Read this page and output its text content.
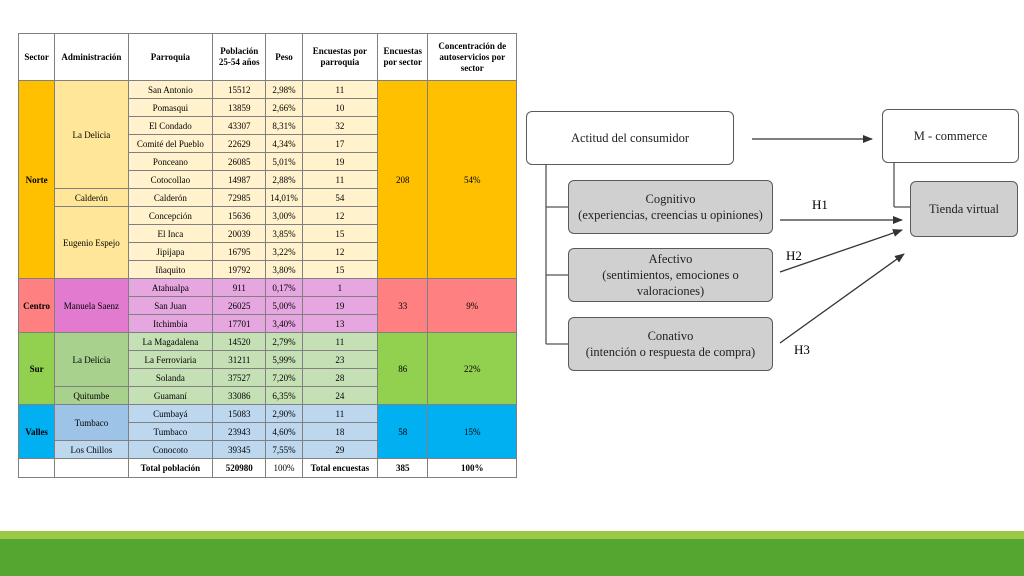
Sector	Administración	Parroquia	Población 25-54 años	Peso	Encuestas por parroquia	Encuestas por sector	Concentración de autoservicios por sector
Norte	La Delicia	San Antonio	15512	2,98%	11	208	54%
		Pomasqui	13859	2,66%	10		
		El Condado	43307	8,31%	32		
		Comité del Pueblo	22629	4,34%	17		
		Ponceano	26085	5,01%	19		
		Cotocollao	14987	2,88%	11		
	Calderón	Calderón	72985	14,01%	54		
	Eugenio Espejo	Concepción	15636	3,00%	12		
		El Inca	20039	3,85%	15		
		Jipijapa	16795	3,22%	12		
		Iñaquito	19792	3,80%	15		
Centro	Manuela Saenz	Atahualpa	911	0,17%	1	33	9%
		San Juan	26025	5,00%	19		
		Itchimbia	17701	3,40%	13		
Sur	La Delicia	La Magadalena	14520	2,79%	11	86	22%
		La Ferroviaria	31211	5,99%	23		
		Solanda	37527	7,20%	28		
	Quitumbe	Guamaní	33086	6,35%	24		
Valles	Tumbaco	Cumbayá	15083	2,90%	11	58	15%
		Tumbaco	23943	4,60%	18		
	Los Chillos	Conocoto	39345	7,55%	29		
		Total población	520980	100%	Total encuestas	385	100%
Actitud del consumidor	M - commerce
Tienda virtual
Cognitivo
(experiencias, creencias u opiniones)
Afectivo
(sentimientos, emociones o valoraciones)
Conativo
(intención o respuesta de compra)
H1
H2
H3
